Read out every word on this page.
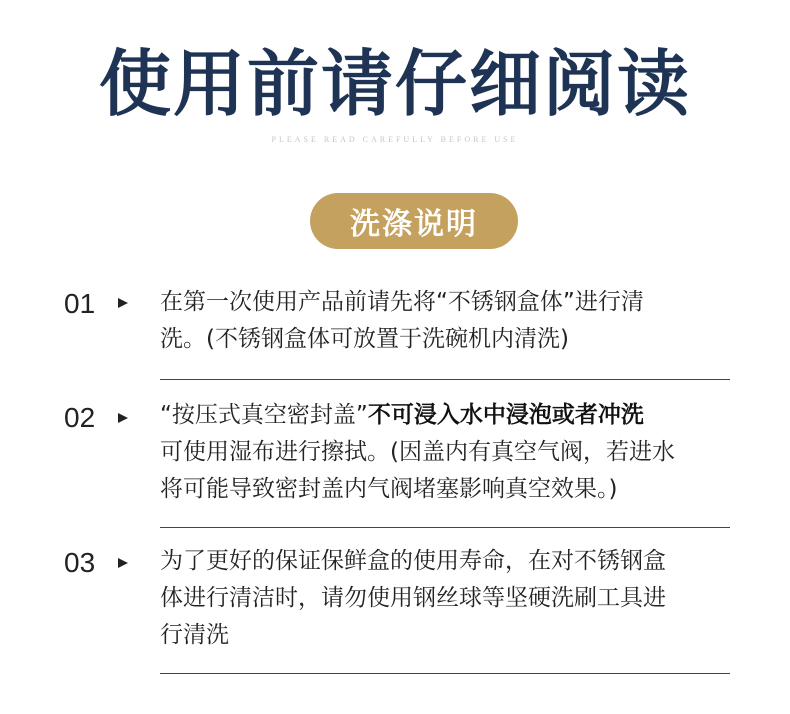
使用前请仔细阅读
PLEASE READ CAREFULLY BEFORE USE
洗涤说明
01	在第一次使用产品前请先将“不锈钢盒体”进行清
洗。(不锈钢盒体可放置于洗碗机内清洗)
02	“按压式真空密封盖”不可浸入水中浸泡或者冲洗
可使用湿布进行擦拭。(因盖内有真空气阀，若进水
将可能导致密封盖内气阀堵塞影响真空效果。)
03	为了更好的保证保鲜盒的使用寿命，在对不锈钢盒
体进行清洁时，请勿使用钢丝球等坚硬洗刷工具进
行清洗
